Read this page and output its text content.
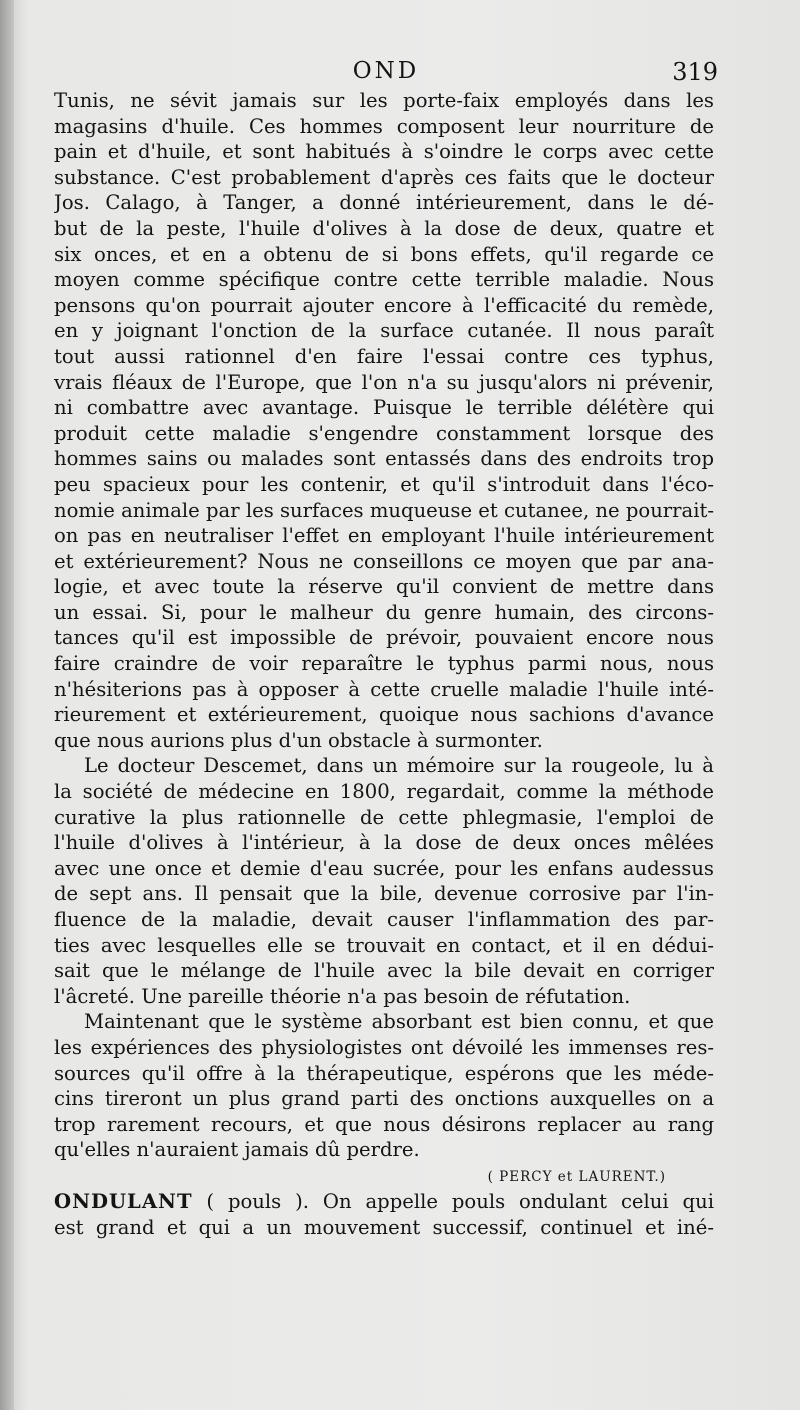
OND	319
Tunis, ne sévit jamais sur les porte-faix employés dans les
magasins d'huile. Ces hommes composent leur nourriture de
pain et d'huile, et sont habitués à s'oindre le corps avec cette
substance. C'est probablement d'après ces faits que le docteur
Jos. Calago, à Tanger, a donné intérieurement, dans le dé-
but de la peste, l'huile d'olives à la dose de deux, quatre et
six onces, et en a obtenu de si bons effets, qu'il regarde ce
moyen comme spécifique contre cette terrible maladie. Nous
pensons qu'on pourrait ajouter encore à l'efficacité du remède,
en y joignant l'onction de la surface cutanée. Il nous paraît
tout aussi rationnel d'en faire l'essai contre ces typhus,
vrais fléaux de l'Europe, que l'on n'a su jusqu'alors ni prévenir,
ni combattre avec avantage. Puisque le terrible délétère qui
produit cette maladie s'engendre constamment lorsque des
hommes sains ou malades sont entassés dans des endroits trop
peu spacieux pour les contenir, et qu'il s'introduit dans l'éco-
nomie animale par les surfaces muqueuse et cutanee, ne pourrait-
on pas en neutraliser l'effet en employant l'huile intérieurement
et extérieurement? Nous ne conseillons ce moyen que par ana-
logie, et avec toute la réserve qu'il convient de mettre dans
un essai. Si, pour le malheur du genre humain, des circons-
tances qu'il est impossible de prévoir, pouvaient encore nous
faire craindre de voir reparaître le typhus parmi nous, nous
n'hésiterions pas à opposer à cette cruelle maladie l'huile inté-
rieurement et extérieurement, quoique nous sachions d'avance
que nous aurions plus d'un obstacle à surmonter.
Le docteur Descemet, dans un mémoire sur la rougeole, lu à
la société de médecine en 1800, regardait, comme la méthode
curative la plus rationnelle de cette phlegmasie, l'emploi de
l'huile d'olives à l'intérieur, à la dose de deux onces mêlées
avec une once et demie d'eau sucrée, pour les enfans audessus
de sept ans. Il pensait que la bile, devenue corrosive par l'in-
fluence de la maladie, devait causer l'inflammation des par-
ties avec lesquelles elle se trouvait en contact, et il en dédui-
sait que le mélange de l'huile avec la bile devait en corriger
l'âcreté. Une pareille théorie n'a pas besoin de réfutation.
Maintenant que le système absorbant est bien connu, et que
les expériences des physiologistes ont dévoilé les immenses res-
sources qu'il offre à la thérapeutique, espérons que les méde-
cins tireront un plus grand parti des onctions auxquelles on a
trop rarement recours, et que nous désirons replacer au rang
qu'elles n'auraient jamais dû perdre.
( PERCY et LAURENT.)
ONDULANT ( pouls ). On appelle pouls ondulant celui qui
est grand et qui a un mouvement successif, continuel et iné-
